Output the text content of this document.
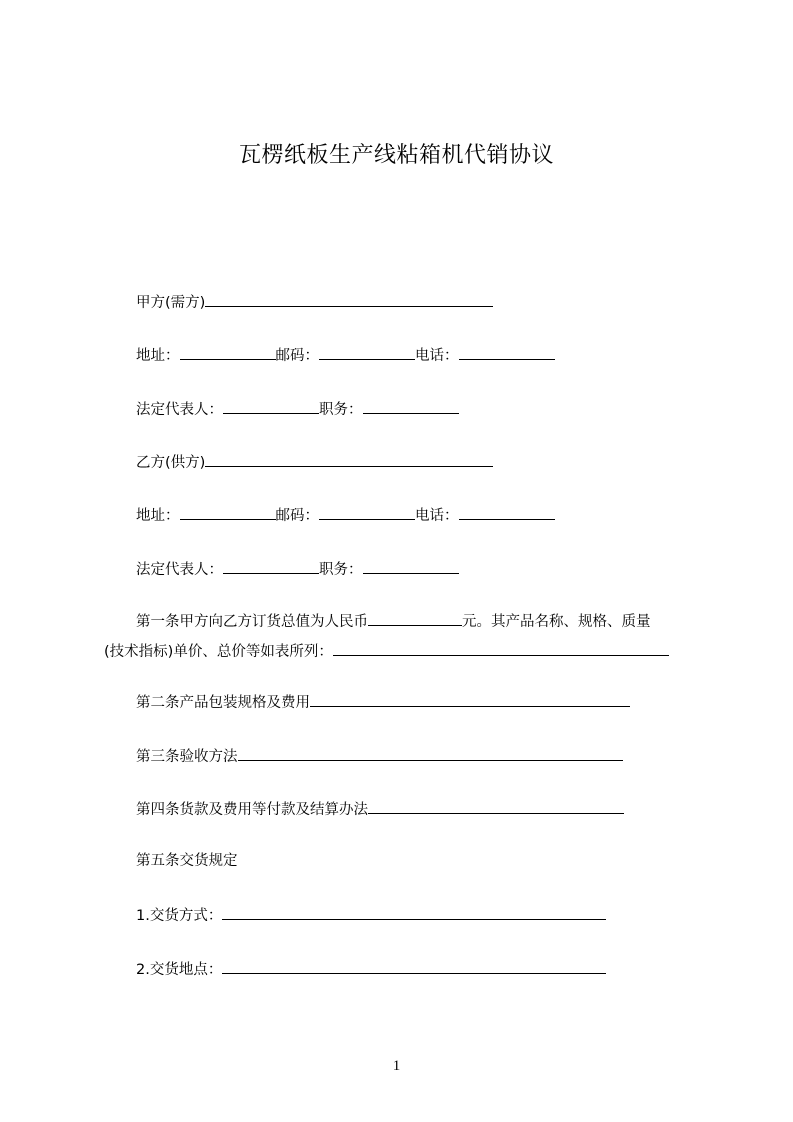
瓦楞纸板生产线粘箱机代销协议
甲方(需方)
地址：	邮码：	电话：
法定代表人：	职务：
乙方(供方)
地址：	邮码：	电话：
法定代表人：	职务：
第一条甲方向乙方订货总值为人民币	元。其产品名称、规格、质量
(技术指标)单价、总价等如表所列：
第二条产品包装规格及费用
第三条验收方法
第四条货款及费用等付款及结算办法
第五条交货规定
1.交货方式：
2.交货地点：
1
